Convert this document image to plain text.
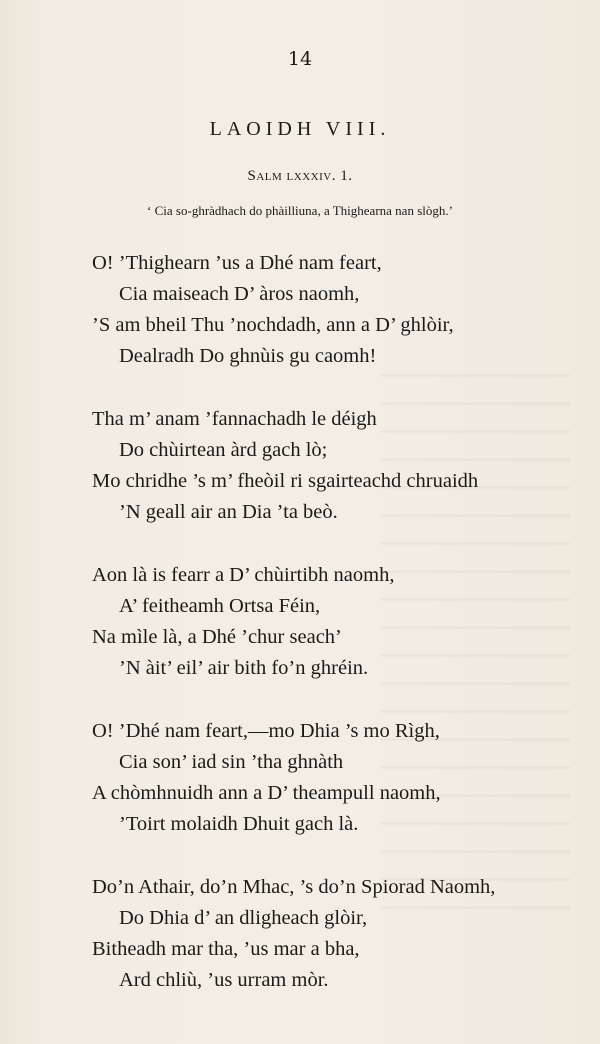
14
LAOIDH VIII.
Salm lxxxiv. 1.
‘ Cia so-ghràdhach do phàilliuna, a Thighearna nan slògh.’
O! ’Thighearn ’us a Dhé nam feart,
Cia maiseach D’ àros naomh,
’S am bheil Thu ’nochdadh, ann a D’ ghlòir,
Dealradh Do ghnùis gu caomh!
Tha m’ anam ’fannachadh le déigh
Do chùirtean àrd gach lò;
Mo chridhe ’s m’ fheòil ri sgairteachd chruaidh
’N geall air an Dia ’ta beò.
Aon là is fearr a D’ chùirtibh naomh,
A’ feitheamh Ortsa Féin,
Na mìle là, a Dhé ’chur seach’
’N àit’ eil’ air bith fo’n ghréin.
O! ’Dhé nam feart,—mo Dhia ’s mo Rìgh,
Cia son’ iad sin ’tha ghnàth
A chòmhnuidh ann a D’ theampull naomh,
’Toirt molaidh Dhuit gach là.
Do’n Athair, do’n Mhac, ’s do’n Spiorad Naomh,
Do Dhia d’ an dligheach glòir,
Bitheadh mar tha, ’us mar a bha,
Ard chliù, ’us urram mòr.
